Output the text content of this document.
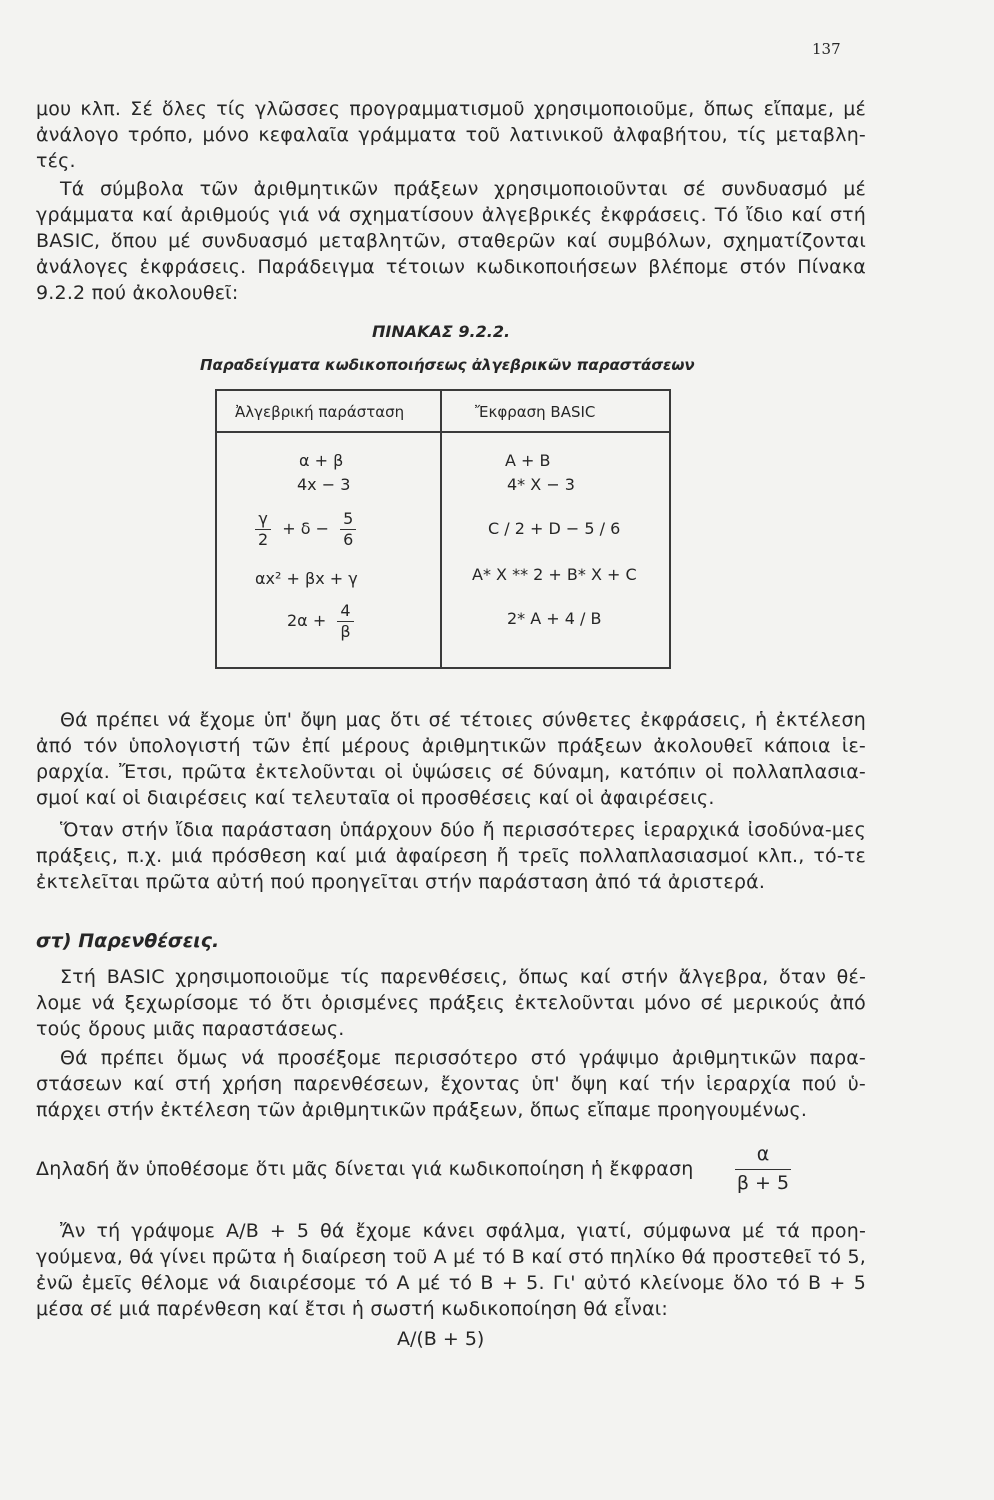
137
μου κλπ. Σέ ὅλες τίς γλῶσσες προγραμματισμοῦ χρησιμοποιοῦμε, ὅπως εἴπαμε, μέ ἀνάλογο τρόπο, μόνο κεφαλαῖα γράμματα τοῦ λατινικοῦ ἀλφαβήτου, τίς μεταβλη-τές.
Τά σύμβολα τῶν ἀριθμητικῶν πράξεων χρησιμοποιοῦνται σέ συνδυασμό μέ γράμματα καί ἀριθμούς γιά νά σχηματίσουν ἀλγεβρικές ἐκφράσεις. Τό ἴδιο καί στή BASIC, ὅπου μέ συνδυασμό μεταβλητῶν, σταθερῶν καί συμβόλων, σχηματίζονται ἀνάλογες ἐκφράσεις. Παράδειγμα τέτοιων κωδικοποιήσεων βλέπομε στόν Πίνακα 9.2.2 πού ἀκολουθεῖ:
ΠΙΝΑΚΑΣ 9.2.2.
Παραδείγματα κωδικοποιήσεως ἀλγεβρικῶν παραστάσεων
Ἀλγεβρική παράσταση	Ἔκφραση BASIC
α + β	A + B
4x − 3	4* X − 3
$\frac{\gamma}{2} + \delta - \frac{5}{6}$	C / 2 + D − 5 / 6
αx² + βx + γ	A* X ** 2 + B* X + C
$2\alpha + \frac{4}{\beta}$	2* A + 4 / B
Θά πρέπει νά ἔχομε ὑπ' ὄψη μας ὅτι σέ τέτοιες σύνθετες ἐκφράσεις, ἡ ἐκτέλεση ἀπό τόν ὑπολογιστή τῶν ἐπί μέρους ἀριθμητικῶν πράξεων ἀκολουθεῖ κάποια ἱε-ραρχία. Ἔτσι, πρῶτα ἐκτελοῦνται οἱ ὑψώσεις σέ δύναμη, κατόπιν οἱ πολλαπλασια-σμοί καί οἱ διαιρέσεις καί τελευταῖα οἱ προσθέσεις καί οἱ ἀφαιρέσεις.
Ὅταν στήν ἴδια παράσταση ὑπάρχουν δύο ἤ περισσότερες ἱεραρχικά ἰσοδύνα-μες πράξεις, π.χ. μιά πρόσθεση καί μιά ἀφαίρεση ἤ τρεῖς πολλαπλασιασμοί κλπ., τό-τε ἐκτελεῖται πρῶτα αὐτή πού προηγεῖται στήν παράσταση ἀπό τά ἀριστερά.
στ) Παρενθέσεις.
Στή BASIC χρησιμοποιοῦμε τίς παρενθέσεις, ὅπως καί στήν ἄλγεβρα, ὅταν θέ-λομε νά ξεχωρίσομε τό ὅτι ὁρισμένες πράξεις ἐκτελοῦνται μόνο σέ μερικούς ἀπό τούς ὅρους μιᾶς παραστάσεως.
Θά πρέπει ὅμως νά προσέξομε περισσότερο στό γράψιμο ἀριθμητικῶν παρα-στάσεων καί στή χρήση παρενθέσεων, ἔχοντας ὑπ' ὄψη καί τήν ἱεραρχία πού ὑ-πάρχει στήν ἐκτέλεση τῶν ἀριθμητικῶν πράξεων, ὅπως εἴπαμε προηγουμένως.
Δηλαδή ἄν ὑποθέσομε ὅτι μᾶς δίνεται γιά κωδικοποίηση ἡ ἔκφραση
α
β + 5
Ἄν τή γράψομε A/B + 5 θά ἔχομε κάνει σφάλμα, γιατί, σύμφωνα μέ τά προη-γούμενα, θά γίνει πρῶτα ἡ διαίρεση τοῦ A μέ τό B καί στό πηλίκο θά προστεθεῖ τό 5, ἐνῶ ἐμεῖς θέλομε νά διαιρέσομε τό A μέ τό B + 5. Γι' αὐτό κλείνομε ὅλο τό B + 5 μέσα σέ μιά παρένθεση καί ἔτσι ἡ σωστή κωδικοποίηση θά εἶναι:
A/(B + 5)
